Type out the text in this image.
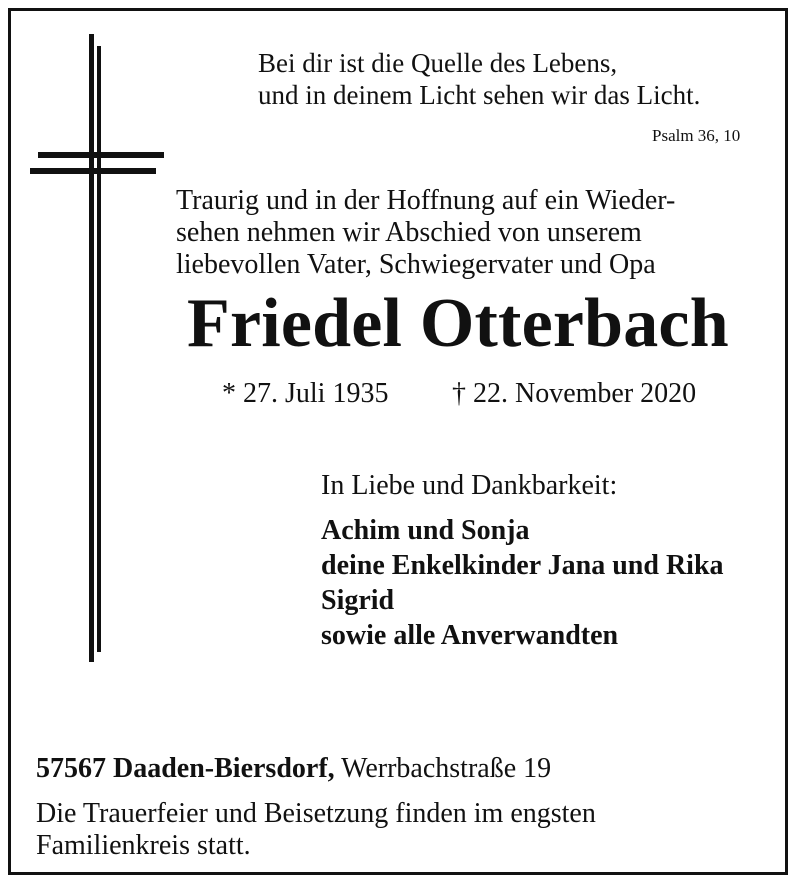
Bei dir ist die Quelle des Lebens,
und in deinem Licht sehen wir das Licht.
Psalm 36, 10
Traurig und in der Hoffnung auf ein Wieder-
sehen nehmen wir Abschied von unserem
liebevollen Vater, Schwiegervater und Opa
Friedel Otterbach
* 27. Juli 1935 † 22. November 2020
In Liebe und Dankbarkeit:
Achim und Sonja
deine Enkelkinder Jana und Rika
Sigrid
sowie alle Anverwandten
57567 Daaden-Biersdorf, Werrbachstraße 19
Die Trauerfeier und Beisetzung finden im engsten
Familienkreis statt.
